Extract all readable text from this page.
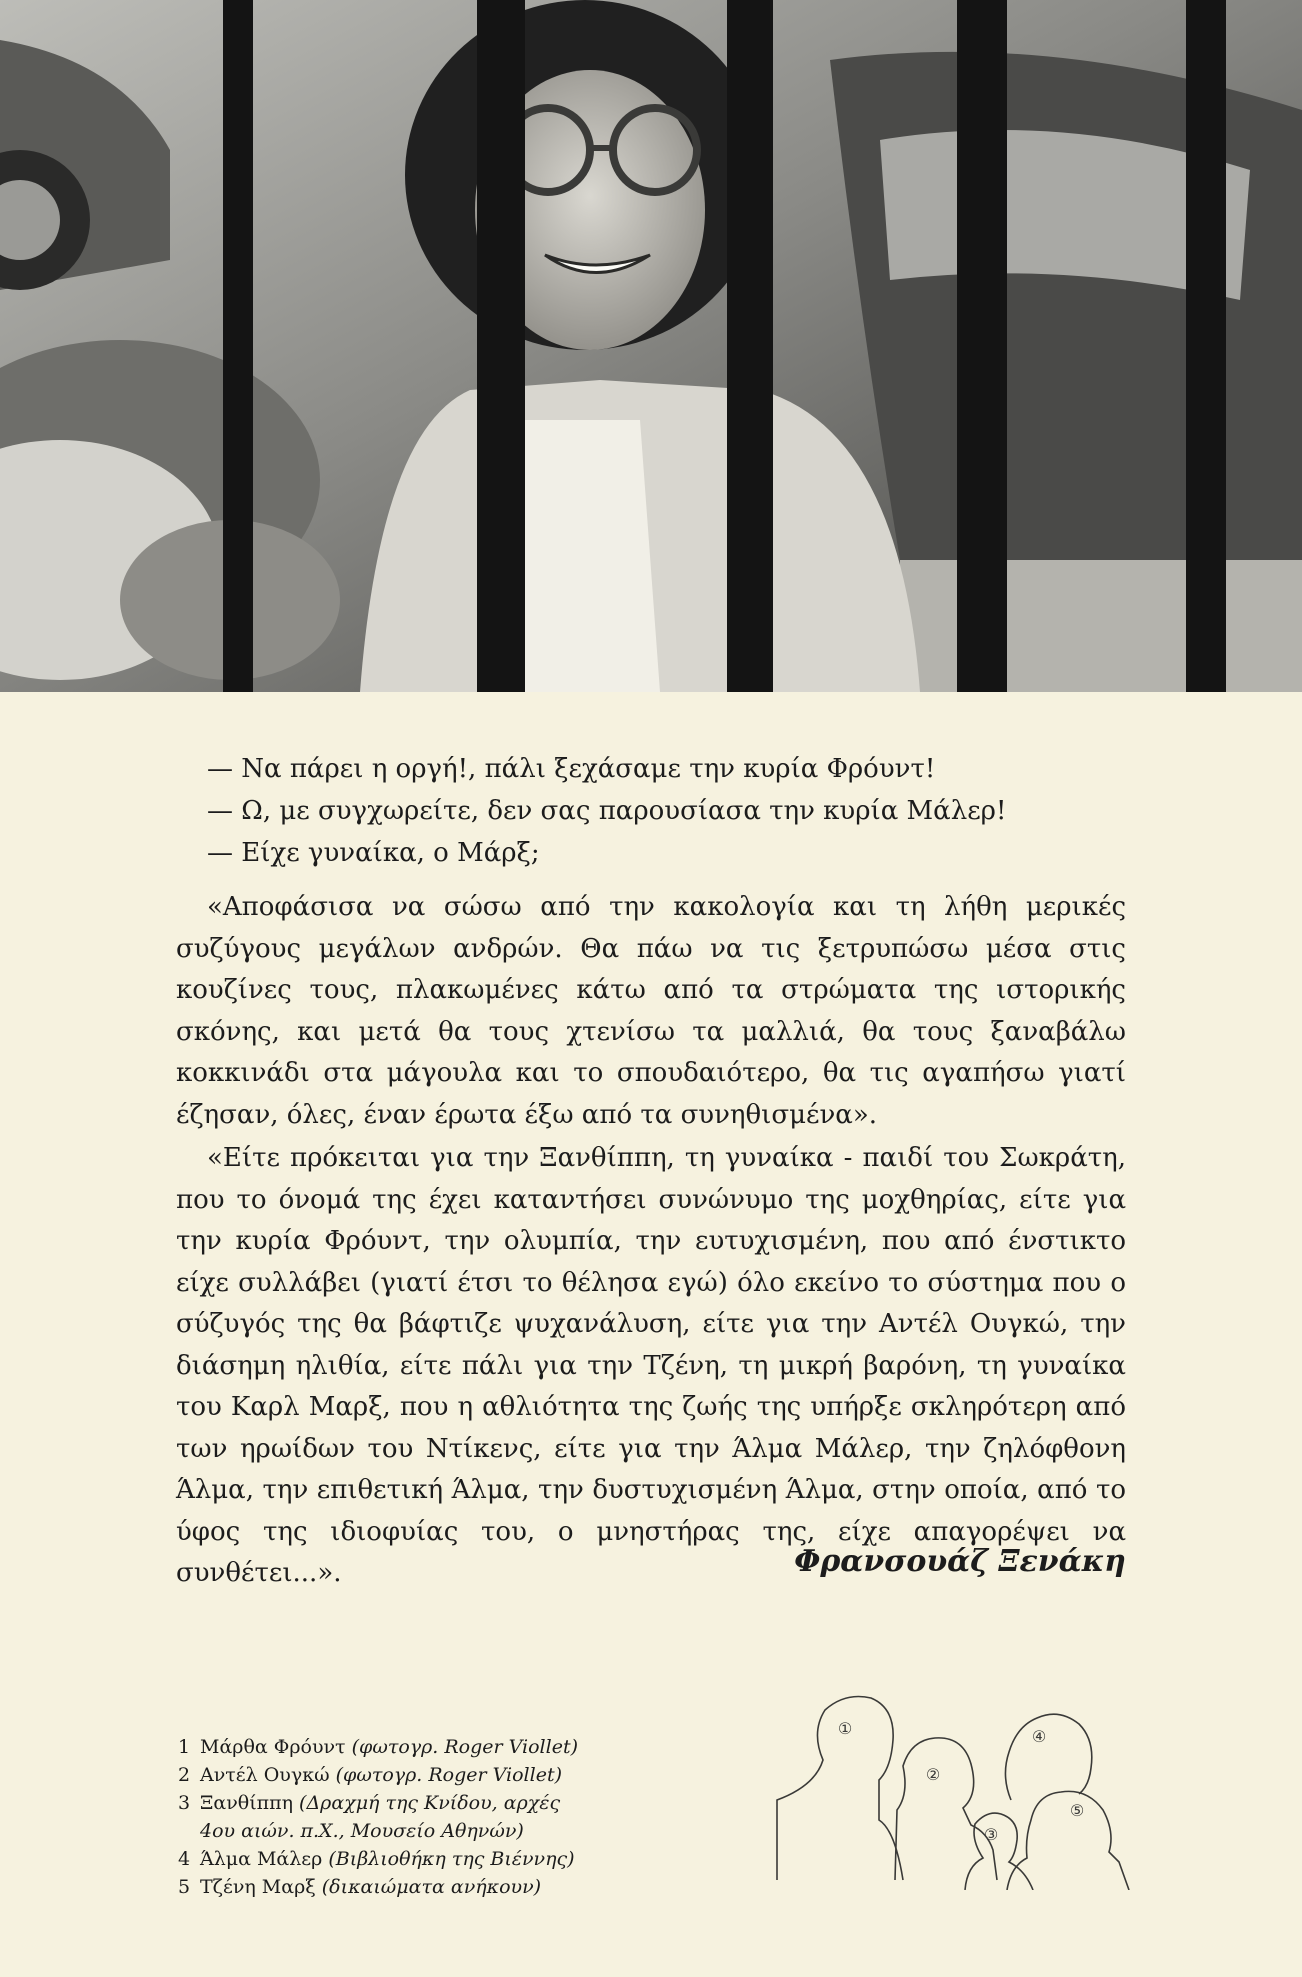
— Να πάρει η οργή!, πάλι ξεχάσαμε την κυρία Φρόυντ!
— Ω, με συγχωρείτε, δεν σας παρουσίασα την κυρία Μάλερ!
— Είχε γυναίκα, ο Μάρξ;
«Αποφάσισα να σώσω από την κακολογία και τη λήθη μερικές συζύγους μεγάλων ανδρών. Θα πάω να τις ξετρυπώσω μέσα στις κουζίνες τους, πλακωμένες κάτω από τα στρώματα της ιστορικής σκόνης, και μετά θα τους χτενίσω τα μαλλιά, θα τους ξαναβάλω κοκκινάδι στα μάγουλα και το σπουδαιότερο, θα τις αγαπήσω γιατί έζησαν, όλες, έναν έρωτα έξω από τα συνηθισμένα».
«Είτε πρόκειται για την Ξανθίππη, τη γυναίκα - παιδί του Σωκράτη, που το όνομά της έχει καταντήσει συνώνυμο της μοχθηρίας, είτε για την κυρία Φρόυντ, την ολυμπία, την ευτυχισμένη, που από ένστικτο είχε συλλάβει (γιατί έτσι το θέλησα εγώ) όλο εκείνο το σύστημα που ο σύζυγός της θα βάφτιζε ψυχανάλυση, είτε για την Αντέλ Ουγκώ, την διάσημη ηλιθία, είτε πάλι για την Τζένη, τη μικρή βαρόνη, τη γυναίκα του Καρλ Μαρξ, που η αθλιότητα της ζωής της υπήρξε σκληρότερη από των ηρωίδων του Ντίκενς, είτε για την Άλμα Μάλερ, την ζηλόφθονη Άλμα, την επιθετική Άλμα, την δυστυχισμένη Άλμα, στην οποία, από το ύφος της ιδιοφυίας του, ο μνηστήρας της, είχε απαγορέψει να συνθέτει...».	Φρανσουάζ Ξενάκη
1 Μάρθα Φρόυντ (φωτογρ. Roger Viollet)
2 Αντέλ Ουγκώ (φωτογρ. Roger Viollet)
3 Ξανθίππη (Δραχμή της Κνίδου, αρχές
4ου αιών. π.Χ., Μουσείο Αθηνών)
4 Άλμα Μάλερ (Βιβλιοθήκη της Βιέννης)
5 Τζένη Μαρξ (δικαιώματα ανήκουν)
①
②
③
④
⑤
